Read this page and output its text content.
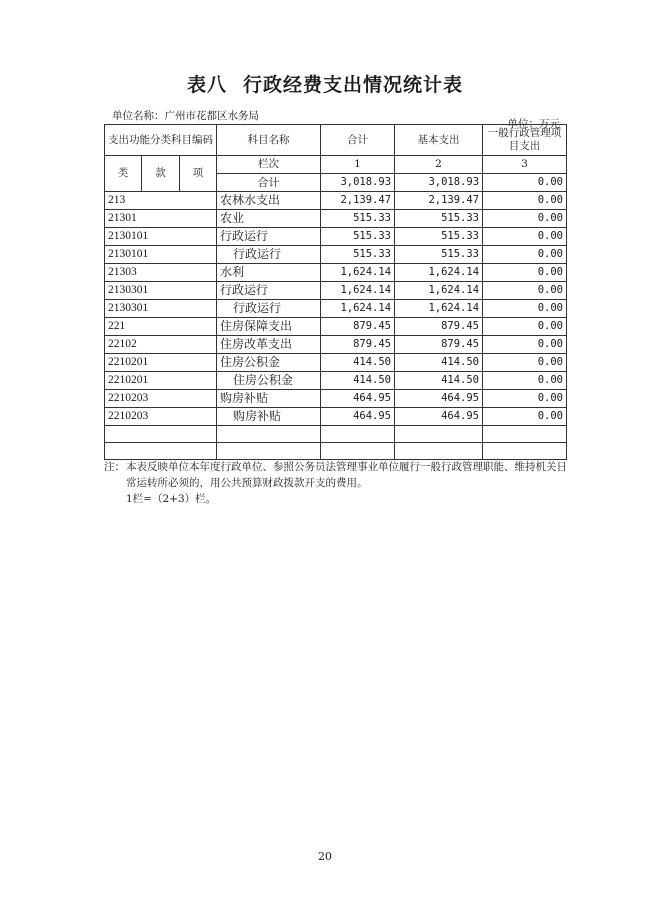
表八 行政经费支出情况统计表
单位名称：广州市花都区水务局
单位：万元
支出功能分类科目编码			科目名称	合计	基本支出	一般行政管理项目支出
类	款	项				
			栏次	1	2	3
			合计	3,018.93	3,018.93	0.00
213			农林水支出	2,139.47	2,139.47	0.00
21301			农业	515.33	515.33	0.00
2130101			行政运行	515.33	515.33	0.00
2130101			行政运行	515.33	515.33	0.00
21303			水利	1,624.14	1,624.14	0.00
2130301			行政运行	1,624.14	1,624.14	0.00
2130301			行政运行	1,624.14	1,624.14	0.00
221			住房保障支出	879.45	879.45	0.00
22102			住房改革支出	879.45	879.45	0.00
2210201			住房公积金	414.50	414.50	0.00
2210201			住房公积金	414.50	414.50	0.00
2210203			购房补贴	464.95	464.95	0.00
2210203			购房补贴	464.95	464.95	0.00

注： 本表反映单位本年度行政单位、参照公务员法管理事业单位履行一般行政管理职能、维持机关日常运转所必须的，用公共预算财政拨款开支的费用。
1栏=（2+3）栏。
20
